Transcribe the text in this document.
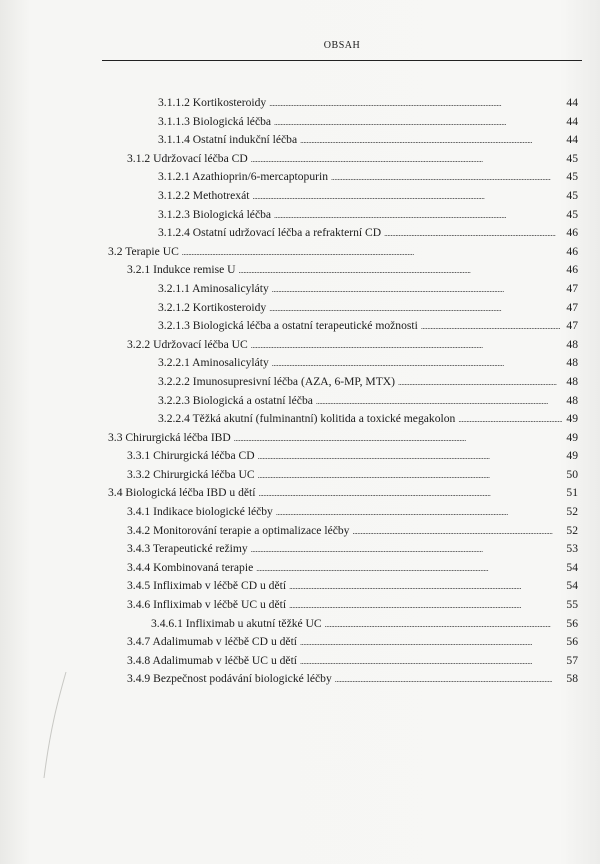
OBSAH
3.1.1.2 Kortikosteroidy . . .	44
3.1.1.3 Biologická léčba . . .	44
3.1.1.4 Ostatní indukční léčba . . .	44
3.1.2 Udržovací léčba CD . . .	45
3.1.2.1 Azathioprin/6-mercaptopurin . . .	45
3.1.2.2 Methotrexát . . .	45
3.1.2.3 Biologická léčba . . .	45
3.1.2.4 Ostatní udržovací léčba a refrakterní CD . . .	46
3.2 Terapie UC . . .	46
3.2.1 Indukce remise U . . .	46
3.2.1.1 Aminosalicyláty . . .	47
3.2.1.2 Kortikosteroidy . . .	47
3.2.1.3 Biologická léčba a ostatní terapeutické možnosti . . .	47
3.2.2 Udržovací léčba UC . . .	48
3.2.2.1 Aminosalicyláty . . .	48
3.2.2.2 Imunosupresivní léčba (AZA, 6-MP, MTX) . . .	48
3.2.2.3 Biologická a ostatní léčba . . .	48
3.2.2.4 Těžká akutní (fulminantní) kolitida a toxické megakolon . . .	49
3.3 Chirurgická léčba IBD . . .	49
3.3.1 Chirurgická léčba CD . . .	49
3.3.2 Chirurgická léčba UC . . .	50
3.4 Biologická léčba IBD u dětí . . .	51
3.4.1 Indikace biologické léčby . . .	52
3.4.2 Monitorování terapie a optimalizace léčby . . .	52
3.4.3 Terapeutické režimy . . .	53
3.4.4 Kombinovaná terapie . . .	54
3.4.5 Infliximab v léčbě CD u dětí . . .	54
3.4.6 Infliximab v léčbě UC u dětí . . .	55
3.4.6.1 Infliximab u akutní těžké UC . . .	56
3.4.7 Adalimumab v léčbě CD u dětí . . .	56
3.4.8 Adalimumab v léčbě UC u dětí . . .	57
3.4.9 Bezpečnost podávání biologické léčby . . .	58
